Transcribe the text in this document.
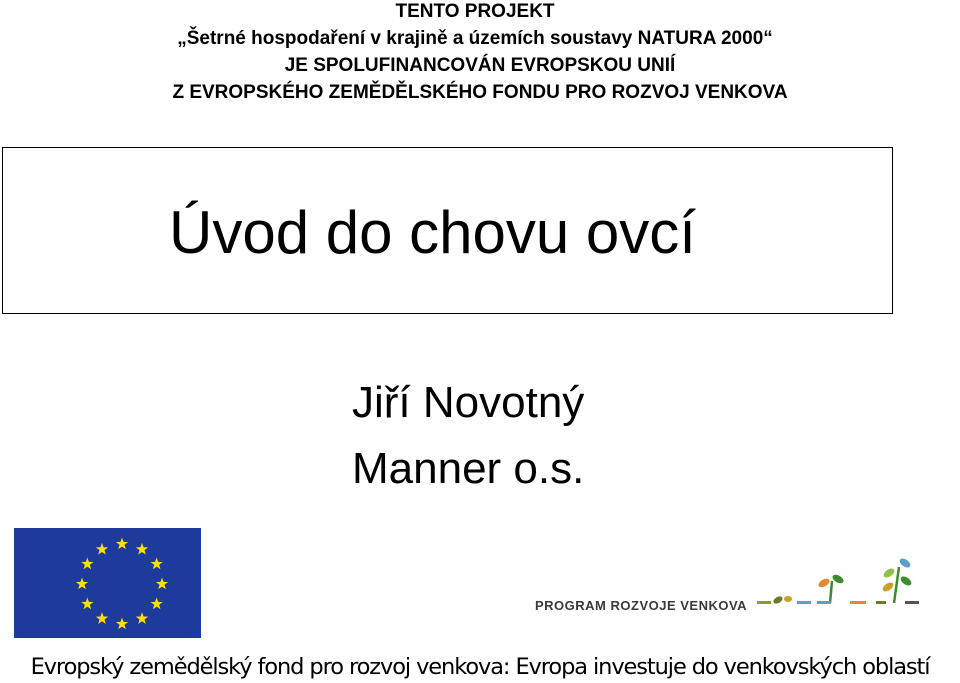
TENTO PROJEKT
„Šetrné hospodaření v krajině a územích soustavy NATURA 2000“
JE SPOLUFINANCOVÁN EVROPSKOU UNIÍ
Z EVROPSKÉHO ZEMĚDĚLSKÉHO FONDU PRO ROZVOJ VENKOVA
Úvod do chovu ovcí
Jiří Novotný
Manner o.s.
PROGRAM ROZVOJE VENKOVA
Evropský zemědělský fond pro rozvoj venkova: Evropa investuje do venkovských oblastí
